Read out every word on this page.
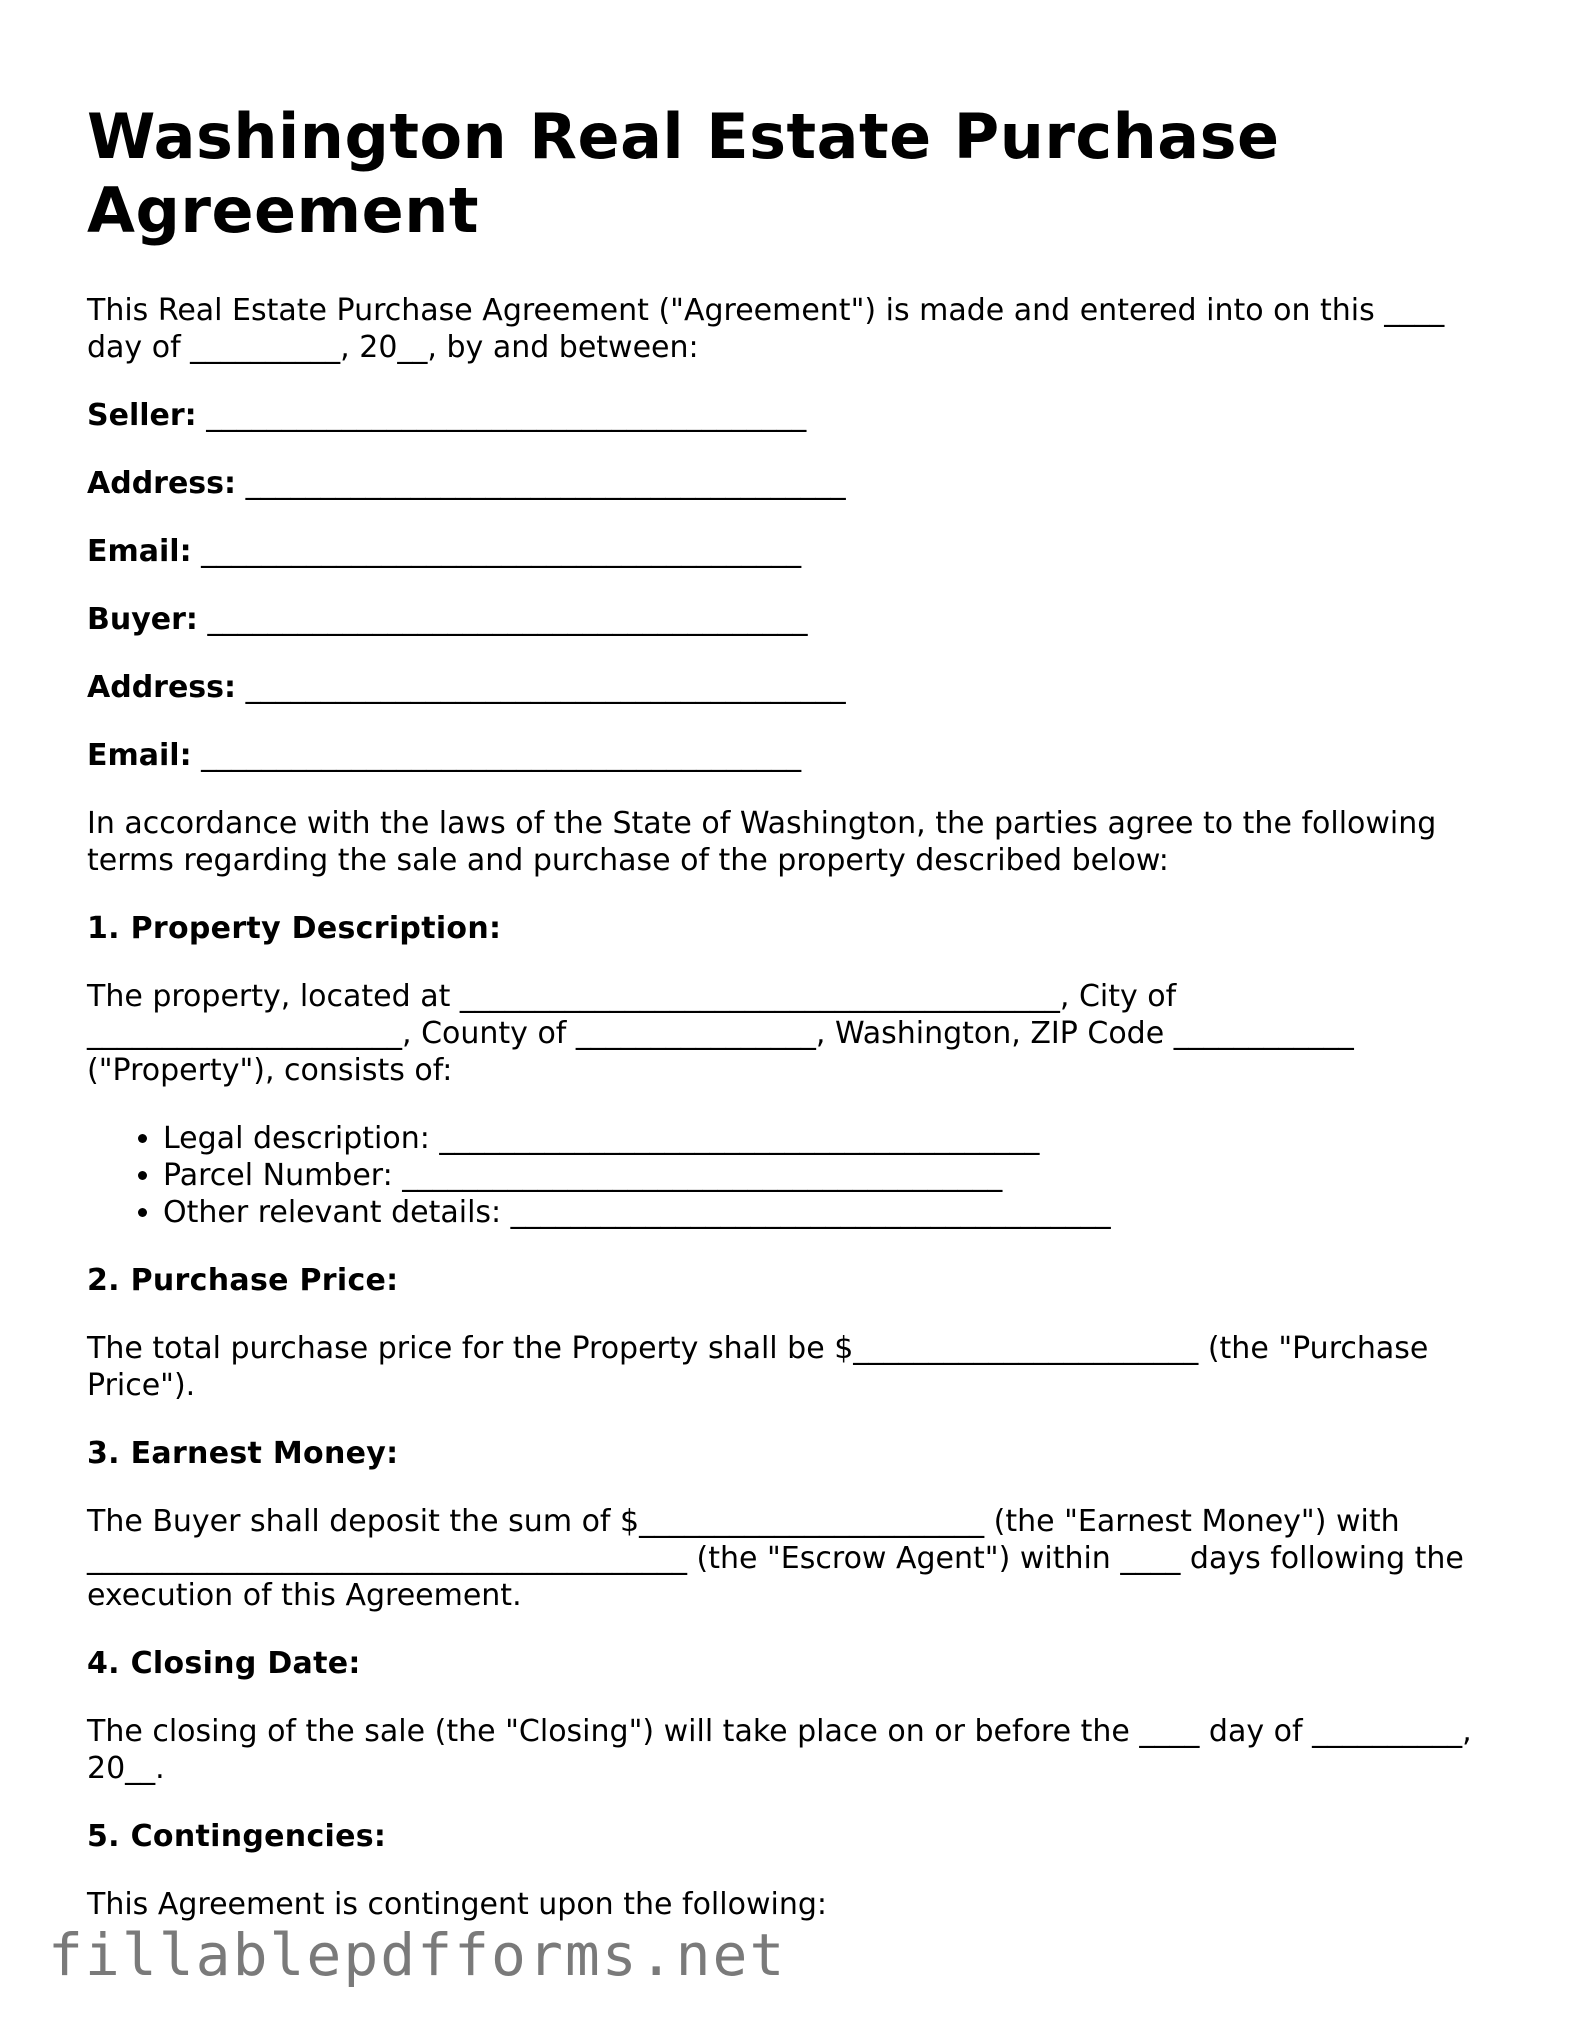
Washington Real Estate Purchase Agreement

This Real Estate Purchase Agreement ("Agreement") is made and entered into on this ____ day of __________, 20__, by and between:

Seller: ________________________________________
Address: ________________________________________
Email: ________________________________________
Buyer: ________________________________________
Address: ________________________________________
Email: ________________________________________

In accordance with the laws of the State of Washington, the parties agree to the following terms regarding the sale and purchase of the property described below:

1. Property Description:

The property, located at ________________________________________, City of _____________________, County of ________________, Washington, ZIP Code ____________ ("Property"), consists of:

• Legal description: ________________________________________
• Parcel Number: ________________________________________
• Other relevant details: ________________________________________
2. Purchase Price:

The total purchase price for the Property shall be $_______________________ (the "Purchase Price").

3. Earnest Money:

The Buyer shall deposit the sum of $_______________________ (the "Earnest Money") with ________________________________________ (the "Escrow Agent") within ____ days following the execution of this Agreement.

4. Closing Date:

The closing of the sale (the "Closing") will take place on or before the ____ day of __________, 20__.

5. Contingencies:

This Agreement is contingent upon the following:

fillablepdfforms.net
